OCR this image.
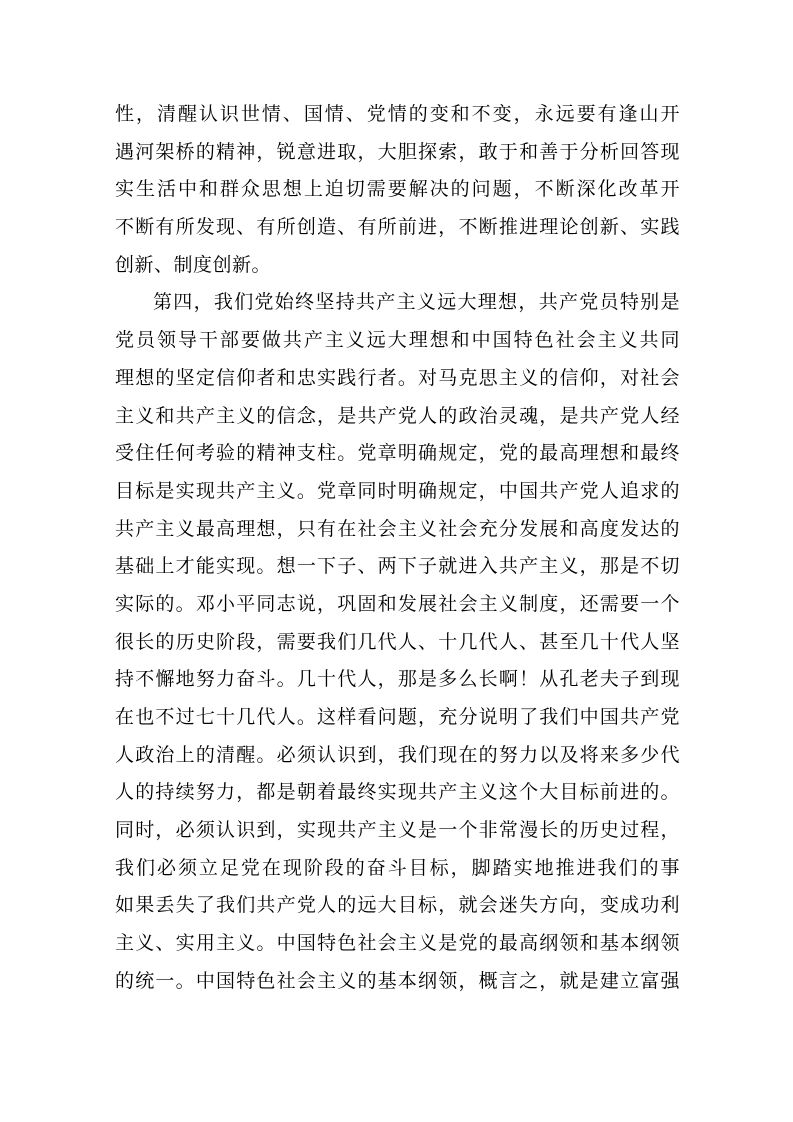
性，清醒认识世情、国情、党情的变和不变，永远要有逢山开
遇河架桥的精神，锐意进取，大胆探索，敢于和善于分析回答现
实生活中和群众思想上迫切需要解决的问题，不断深化改革开
不断有所发现、有所创造、有所前进，不断推进理论创新、实践
创新、制度创新。

第四，我们党始终坚持共产主义远大理想，共产党员特别是
党员领导干部要做共产主义远大理想和中国特色社会主义共同
理想的坚定信仰者和忠实践行者。对马克思主义的信仰，对社会
主义和共产主义的信念，是共产党人的政治灵魂，是共产党人经
受住任何考验的精神支柱。党章明确规定，党的最高理想和最终
目标是实现共产主义。党章同时明确规定，中国共产党人追求的
共产主义最高理想，只有在社会主义社会充分发展和高度发达的
基础上才能实现。想一下子、两下子就进入共产主义，那是不切
实际的。邓小平同志说，巩固和发展社会主义制度，还需要一个
很长的历史阶段，需要我们几代人、十几代人、甚至几十代人坚
持不懈地努力奋斗。几十代人，那是多么长啊！从孔老夫子到现
在也不过七十几代人。这样看问题，充分说明了我们中国共产党
人政治上的清醒。必须认识到，我们现在的努力以及将来多少代
人的持续努力，都是朝着最终实现共产主义这个大目标前进的。
同时，必须认识到，实现共产主义是一个非常漫长的历史过程，
我们必须立足党在现阶段的奋斗目标，脚踏实地推进我们的事
如果丢失了我们共产党人的远大目标，就会迷失方向，变成功利
主义、实用主义。中国特色社会主义是党的最高纲领和基本纲领
的统一。中国特色社会主义的基本纲领，概言之，就是建立富强
